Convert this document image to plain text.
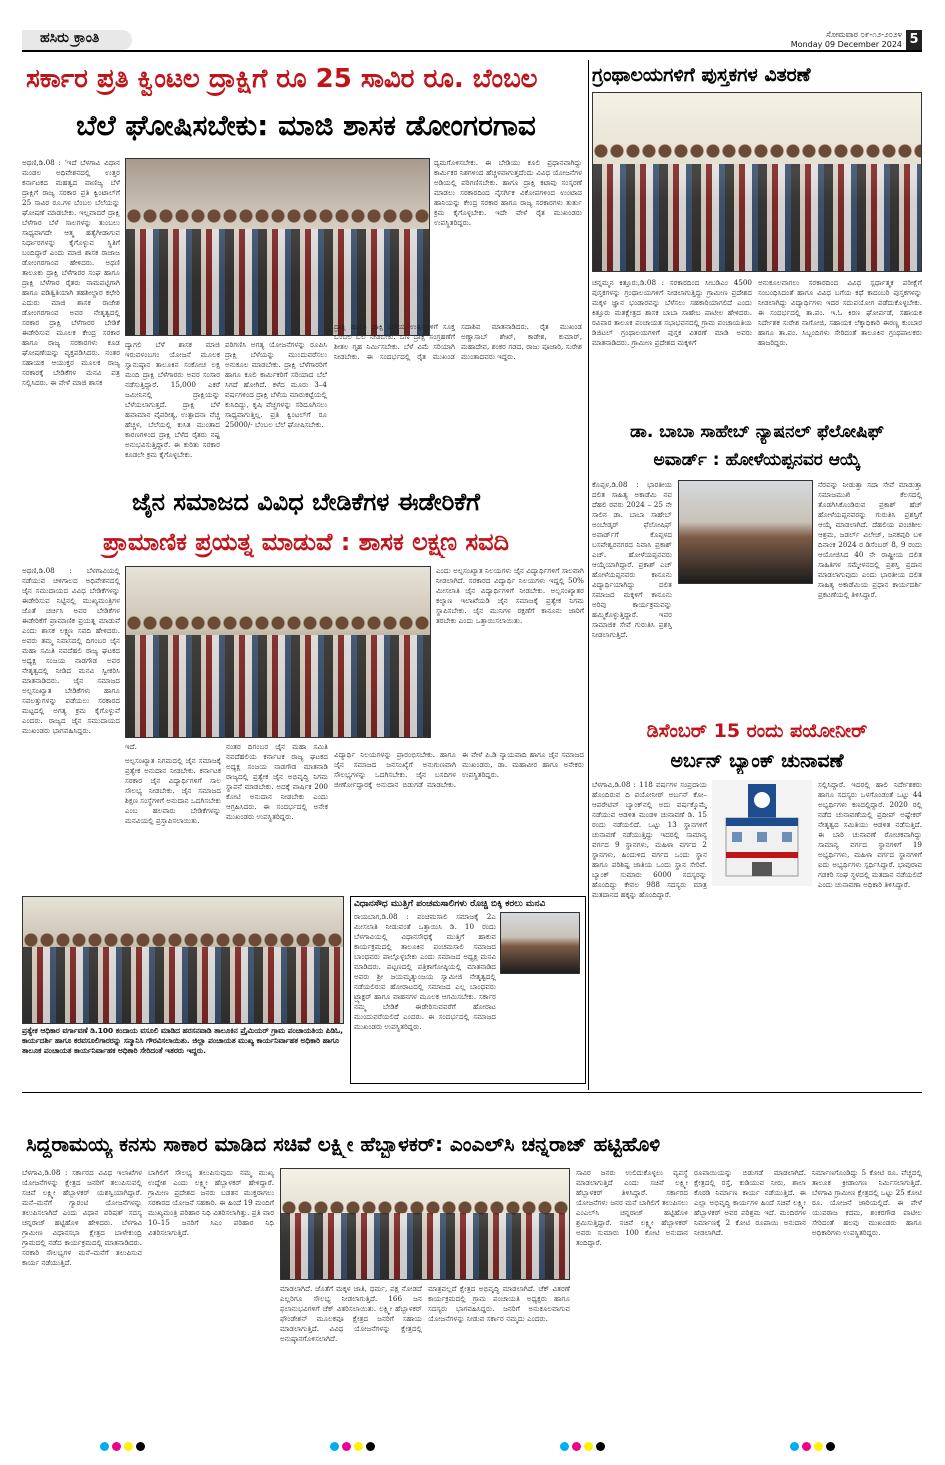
ಹಸಿರು ಕ್ರಾಂತಿ	ಸೋಮವಾರ ೦೯-೧೨-೨೦೨೪
Monday 09 December 2024 5
ಸರ್ಕಾರ ಪ್ರತಿ ಕ್ವಿಂಟಲ ದ್ರಾಕ್ಷಿಗೆ ರೂ 25 ಸಾವಿರ ರೂ. ಬೆಂಬಲ
ಬೆಲೆ ಘೋಷಿಸಬೇಕು: ಮಾಜಿ ಶಾಸಕ ಡೋಂಗರಗಾವ
ಅಥಣಿ,ಡಿ.08 : ‘ಇದೆ ಬೆಳಗಾವಿ ವಿಧಾನ ಮಂಡಲ ಅಧಿವೇಶನದಲ್ಲಿ ಉತ್ತರ ಕರ್ನಾಟಕದ ಮಹತ್ವದ ವಾಣಿಜ್ಯ ಬೆಳೆ ದ್ರಾಕ್ಷಿಗೆ ರಾಜ್ಯ ಸರಕಾರ ಪ್ರತಿ ಕ್ವಿಂಟಾಲ್‌ಗೆ 25 ಸಾವಿರ ರೂ.ಗಳ ಬೆಂಬಲ ಬೆಲೆಯನ್ನು ಘೋಷಣೆ ಮಾಡಬೇಕು. ಇಲ್ಲವಾದರೆ ದ್ರಾಕ್ಷಿ ಬೆಳೆಗಾರ ಬೆಳೆ ಸಾಲಗಳನ್ನು ತುಂಬಲು ಸಾಧ್ಯವಾಗದೇ ಆತ್ಮ ಹತ್ಯೆಗೀಡಾಗುವ ನಿರ್ಧಾರಗಳನ್ನು ಕೈಗೊಳ್ಳುವ ಸ್ಥಿತಿಗೆ ಬಂದಿದ್ದಾರೆ ಎಂದು ಮಾಜಿ ಶಾಸಕ ರಾಜಾಜ ಡೋಂಗರಗಾಂವ ಹೇಳಿದರು. ಅಥಣಿ ತಾಲೂಕು ದ್ರಾಕ್ಷಿ ಬೆಳೆಗಾರರ ಸಂಘ ಹಾಗೂ ದ್ರಾಕ್ಷಿ ಬೆಳೆಗಾರ ರೈತರು ನಾಮಪಟ್ಟಿಗಾಗಿ ಹಾಗೂ ಪಡಿತ್ವಿತಿಯಾಗಿ ತಹಶೀಲ್ದಾರ ಕಛೇರಿ ಎದುರು ಮಾಜಿ ಶಾಸಕ ರಾಜೇಶ ಡೋಂಗರಗಾಂವ ಅವರ ನೇತೃತ್ವದಲ್ಲಿ ಸರಕಾರ ದ್ರಾಕ್ಷಿ ಬೆಳೆಗಾರರ ಬೇಡಿಕೆ ಈಡೇರಿಸುವ ಮೂಲಕ ಕೇಂದ್ರ ಸರಕಾರ ಹಾಗೂ ರಾಜ್ಯ ಸರಕಾರಗಳು ಕೂಡ ಘೋಷಣೆಯನ್ನು ವ್ಯಕ್ತಪಡಿಸಿದರು. ನಂತರ ಸಹಾಯಕ ಆಯುಕ್ತರ ಮೂಲಕ ರಾಜ್ಯ ಸರಕಾರಕ್ಕೆ ಬೇಡಿಕೆಗಳ ಮನವಿ ಪತ್ರ ಸಲ್ಲಿಸಿದರು. ಈ ವೇಳೆ ಮಾಜಿ ಶಾಸಕ
ದ್ಯಾಗಲಿ ಬೆಳೆ ಶಾಸಕ ಮಾಜಿ ಇರುವಳಂಬಗಂ ಯೋಜನೆ ಮೂಲಕ ಸ್ವಾನುಷ್ಠಾನ ತಾಲೂಕಿನ ಸಂಕೋಚ ಲಕ್ಷ ಮಂದಿ ದ್ರಾಕ್ಷಿ ಬೆಳೆಗಾರರು ಅವರ ಸಂಸಾರ ನಡೆಸುತ್ತಿದ್ದಾರೆ. 15,000 ಎಕರೆ ಜಮೀನಿನಲ್ಲಿ ದ್ರಾಕ್ಷಿಯನ್ನು ಬೆಳೆಯಲಾಗುತ್ತದೆ. ದ್ರಾಕ್ಷಿ ಬೆಳೆ ಹವಾಮಾನ ವೈಪರೀತ್ಯ, ಉತ್ಪಾದನಾ ವೆಚ್ಚ ಹೆಚ್ಚಳ, ಬೆಲೆಯಲ್ಲಿ ಕುಸಿತ ಮುಂತಾದ ಕಾರಣಗಳಿಂದ ದ್ರಾಕ್ಷಿ ಬೆಳೆದ ರೈತರು ನಷ್ಟ ಅನುಭವಿಸುತ್ತಿದ್ದಾರೆ. ಈ ಕುರಿತು ಸರಕಾರ ಕೂಡಲೇ ಕ್ರಮ ಕೈಗೊಳ್ಳಬೇಕು.
ಪರಿಗಣಿಸಿ ಅಗತ್ಯ ಯೋಜನೆಗಳನ್ನು ರೂಪಿಸಿ ದ್ರಾಕ್ಷಿ ಬೆಳೆಯನ್ನು ಮುಂದುವರೆಸಲು ಅನುಕೂಲ ಮಾಡಬೇಕು. ದ್ರಾಕ್ಷಿ ಬೆಳೆಗಾರರಿಗೆ ಹಾಗೂ ಕೂಲಿ ಕಾರ್ಮಿಕರಿಗೆ ಸರಿಯಾದ ಬೆಲೆ ಸಿಗದೆ ಹೋಗಿದೆ. ಕಳೆದ ಮೂರು 3–4 ವರ್ಷಗಳಿಂದ ದ್ರಾಕ್ಷಿ ಬೆಳೆಯ ಮಾರುಕಟ್ಟೆಯಲ್ಲಿ ಕುಸಿದಿದ್ದು, ಕೃಷಿ ವೆಚ್ಚಗಳನ್ನು ಸರಿದೂಗಿಸಲು ಸಾಧ್ಯವಾಗುತ್ತಿಲ್ಲ. ಪ್ರತಿ ಕ್ವಿಂಟಲ್‌ಗೆ ರೂ 25000/- ಬೆಂಬಲ ಬೆಲೆ ಘೋಷಿಸಬೇಕು.
ದ್ಯಮಗೊಳಿಸಬೇಕು. ಈ ಬೇಡಿಯು ಕೂಲಿ ಪ್ರಧಾನವಾಗಿದ್ದು ಕಾರ್ಮಿಕರ ನಿಶಗಳಿಂದ ಹೆಚ್ಚಳವಾಗುತ್ತದೆಂದು ವಿವಿಧ ಯೋಜನೆಗಳ ಅಡಿಯಲ್ಲಿ ಪರಿಗಣಿಸಬೇಕು. ಹಾಗೂ ದ್ರಾಕ್ಷಿ ಕಟಾವು ಸಂಸ್ಕರಣೆ ಮಾಡಲು ಸರಕಾರದಿಂದ ನೈಸರ್ಗಿಕ ವಿಕೋಪಗಳಿಂದ ಉಂಟಾದ ಹಾನಿಯನ್ನು ಕೇಂದ್ರ ಸರಕಾರ ಹಾಗೂ ರಾಜ್ಯ ಸರಕಾರಗಳು ತುರ್ತು ಕ್ರಮ ಕೈಗೊಳ್ಳಬೇಕು. ಇದೇ ವೇಳೆ ರೈತ ಮುಖಂಡರು ಉಪಸ್ಥಿತರಿದ್ದರು.
ದ್ರಾಕ್ಷಿ ಹಾಗೂ ದ್ರಾಕ್ಷಿ ಬೆಳೆಯ ಉತ್ಪನ್ನಗಳಿಗೆ ಸೂಕ್ತ ಬೆಂಬಲ ಬೆಲೆ ನೀಡಬೇಕು. ಒಣ ದ್ರಾಕ್ಷಿ ಸಂಗ್ರಹಣೆಗೆ ಶೀತಲ ಗೃಹ ನಿರ್ಮಿಸಬೇಕು. ಬೆಳೆ ವಿಮೆ ಸರಿಯಾಗಿ ನೀಡಬೇಕು. ಈ ಸಂದರ್ಭದಲ್ಲಿ ರೈತ ಮುಖಂಡ ಸದಾಶಿವ ಮಾತನಾಡಿದರು. ರೈತ ಮುಖಂಡ ಅಣ್ಣಾಸಾಬ್ ಶೇಖ್, ಕಾಡೇಶ, ಕುಮಾರ್, ಮಹಾದೇವ, ಶಂಕರ ಗಡದ, ರಾಜು ಪೂಜಾರಿ, ಸುರೇಶ ಮುಂತಾದವರು ಇದ್ದರು.
ಗ್ರಂಥಾಲಯಗಳಿಗೆ ಪುಸ್ತಕಗಳ ವಿತರಣೆ
ಚನ್ನಮ್ಮನ ಕಿತ್ತೂರು,ಡಿ.08 : ಸರಕಾರದಿಂದ ಸೀಬಡಿಎಂ 4500 ಪುಸ್ತಕಗಳನ್ನು ಗ್ರಂಥಾಲಯಗಳಿಗೆ ನೀಡಲಾಗುತ್ತಿದ್ದು ಗ್ರಾಮೀಣ ಪ್ರದೇಶದ ಮಕ್ಕಳ ಜ್ಞಾನ ಭಂಡಾರವನ್ನು ಬೆಳೆಸಲು ಸಹಕಾರಿಯಾಗಲಿದೆ ಎಂದು ಕಿತ್ತೂರು ಮತಕ್ಷೇತ್ರದ ಶಾಸಕ ಬಾಬಾ ಸಾಹೇಬ ಪಾಟೀಲ ಹೇಳಿದರು. ರವಿವಾರ ತಾಲೂಕ ಪಂಚಾಯತ ಸಭಾಭವನದಲ್ಲಿ ಗ್ರಾಮ ಪಂಚಾಯತಿಯ ಡಿಜಿಟಲ್ ಗ್ರಂಥಾಲಯಗಳಿಗೆ ಪುಸ್ತಕ ವಿತರಣೆ ಮಾಡಿ ಅವರು ಮಾತನಾಡಿದರು. ಗ್ರಾಮೀಣ ಪ್ರದೇಶದ ಮಕ್ಕಳಿಗೆ
ಅನುಕೂಲವಾಗಲು ಸರಕಾರದಿಂದ ವಿವಿಧ ಸ್ಪರ್ಧಾತ್ಮಕ ಪರೀಕ್ಷೆಗೆ ಸಂಬಂಧಿಸಿದಂತೆ ಹಾಗೂ ವಿವಿಧ ಬಗೆಯ ಕಥೆ ಕಾದಂಬರಿ ಪುಸ್ತಕಗಳನ್ನು ನೀಡಲಾಗಿದ್ದು ವಿದ್ಯಾರ್ಥಿಗಳು ಇದರ ಸದುಪಯೋಗ ಪಡೆದುಕೊಳ್ಳಬೇಕು. ಈ ಸಂದರ್ಭದಲ್ಲಿ ತಾ.ಪಂ. ಇ.ಓ ಕಿರಣ ಘೋರ್ಪಡೆ, ಸಹಾಯಕ ನಿರ್ದೇಶಕ ಸುರೇಶ ನಾಗೋಜಿ, ಸಹಾಯಕ ಲೆಕ್ಕಾಧಿಕಾರಿ ಈರಣ್ಣ ಕುಂಬಾರ ಹಾಗೂ ತಾ.ಪಂ. ಸಿಬ್ಬಂದಿಗಳು ಸೇರಿದಂತೆ ತಾಲೂಕಿನ ಗ್ರಂಥಪಾಲಕರು ಹಾಜರಿದ್ದರು.
ಡಾ. ಬಾಬಾ ಸಾಹೇಬ್ ನ್ಯಾಷನಲ್ ಫೆಲೋಷಿಫ್
ಅವಾರ್ಡ್ : ಹೋಳೆಯಪ್ಪನವರ ಆಯ್ಕೆ
ಕೊಪ್ಪಳ,ಡಿ.08 : ಭಾರತೀಯ ದಲಿತ ಸಾಹಿತ್ಯ ಅಕಾಡೆಮಿ ನವ ದೆಹಲಿ ರವರು 2024 – 25 ನೇ ಸಾಲಿನ ಡಾ. ಬಾಬಾ ಸಾಹೇಬ್ ಅಂಬೇಡ್ಕರ್ ಫೆಲೋಷಿಫ್ ಅವಾರ್ಡ್‌ಗೆ ಕೊಪ್ಪಳದ ಬಸವೇಶ್ವರನಗರದ ನಿವಾಸಿ ಪ್ರಕಾಶ್ ಎಚ್. ಹೋಳೆಯಪ್ಪನವರು ಆಯ್ಕೆಯಾಗಿದ್ದಾರೆ. ಪ್ರಕಾಶ್ ಎಚ್ ಹೋಳೆಯಪ್ಪನವರು ಕಾನೂನು ವಿದ್ಯಾರ್ಥಿಯಾಗಿದ್ದು ದಲಿತ ಸಮಾಜದ ಮಕ್ಕಳಿಗೆ ಕಾನೂನು ಅರಿವು ಕಾರ್ಯಕ್ರಮವನ್ನು ಹಮ್ಮಿಕೊಳ್ಳುತ್ತಿದ್ದಾರೆ. ಇವರ ಸಾಮಾಜಿಕ ಸೇವೆ ಗುರುತಿಸಿ ಪ್ರಶಸ್ತಿ ನೀಡಲಾಗುತ್ತಿದೆ.
ನೆರವನ್ನು ನೀಡುತ್ತಾ ಸದಾ ಸೇವೆ ಮಾಡುತ್ತಾ ಸಮಾಜಮುಖಿ ಕೆಲಸದಲ್ಲಿ ತೊಡಗಿಸಿಕೊಂಡಿರುವ ಪ್ರಕಾಶ್ ಹೆಚ್ ಹೋಳೆಯಪ್ಪನವರನ್ನು ಗುರುತಿಸಿ ಪ್ರಶಸ್ತಿಗೆ ಆಯ್ಕೆ ಮಾಡಲಾಗಿದೆ. ದೆಹಲಿಯ ಪಂಚಶೀಲ ಆಶ್ರಮ, ಜಡರ್ಲ್ ವಿಲೇಜ್, ಜನಕಪುರಿ ಬಳಿ ದಿನಾಂಕ 2024 ರ ಡಿಸೆಂಬರ್ 8, 9 ರಂದು ಆಯೋಜಿಸಿದ 40 ನೇ ರಾಷ್ಟ್ರೀಯ ದಲಿತ ಸಾಹಿತಿಗಳ ಸಮ್ಮೇಳನದಲ್ಲಿ ಪ್ರಶಸ್ತಿ ಪ್ರದಾನ ಮಾಡಲಾಗುವುದು ಎಂದು ಭಾರತೀಯ ದಲಿತ ಸಾಹಿತ್ಯ ಅಕಾಡೆಮಿಯ ಪ್ರಧಾನ ಕಾರ್ಯದರ್ಶಿ ಪ್ರಕಟಣೆಯಲ್ಲಿ ತಿಳಿಸಿದ್ದಾರೆ.
ಜೈನ ಸಮಾಜದ ವಿವಿಧ ಬೇಡಿಕೆಗಳ ಈಡೇರಿಕೆಗೆ
ಪ್ರಾಮಾಣಿಕ ಪ್ರಯತ್ನ ಮಾಡುವೆ : ಶಾಸಕ ಲಕ್ಷ್ಮಣ ಸವದಿ
ಅಥಣಿ,ಡಿ.08 : ಬೆಳಗಾವಿಯಲ್ಲಿ ನಡೆಯುವ ಚಳಿಗಾಲದ ಅಧಿವೇಶನದಲ್ಲಿ ಜೈನ ಸಮುದಾಯದ ವಿವಿಧ ಬೇಡಿಕೆಗಳನ್ನು ಈಡೇರಿಸುವ ನಿಟ್ಟಿನಲ್ಲಿ ಮುಖ್ಯಮಂತ್ರಿಗಳ ಜೊತೆ ಚರ್ಚಿಸಿ ಅವರ ಬೇಡಿಕೆಗಳ ಈಡೇರಿಕೆಗೆ ಪ್ರಾಮಾಣಿಕ ಪ್ರಯತ್ನ ಮಾಡುವೆ ಎಂದು ಶಾಸಕ ಲಕ್ಷ್ಮಣ ಸವದಿ ಹೇಳಿದರು. ಅವರು ತಮ್ಮ ನಿವಾಸದಲ್ಲಿ ದಿಗಂಬರ ಜೈನ ಮಹಾ ಸಮಿತಿ ನವದೆಹಲಿ ರಾಜ್ಯ ಘಟಕದ ಅಧ್ಯಕ್ಷ ಸಂಜಯ ನಾಡಗೌಡ ಅವರ ನೇತೃತ್ವದಲ್ಲಿ ನೀಡಿದ ಮನವಿ ಸ್ವೀಕರಿಸಿ ಮಾತನಾಡಿದರು. ಜೈನ ಸಮಾಜದ ಅಲ್ಪಸಂಖ್ಯಾತ ಬೇಡಿಕೆಗಳು ಹಾಗೂ ಸವಲತ್ತುಗಳನ್ನು ಪಡೆಯಲು ಸರಕಾರದ ಮಟ್ಟದಲ್ಲಿ ಅಗತ್ಯ ಕ್ರಮ ಕೈಗೊಳ್ಳುವೆ ಎಂದರು. ರಾಜ್ಯದ ಜೈನ ಸಮುದಾಯದ ಮುಖಂಡರು ಭಾಗವಹಿಸಿದ್ದರು.
ಇದೆ.
ಅಲ್ಪಸಂಖ್ಯಾತ ನಿಗಮದಲ್ಲಿ ಜೈನ ಸಮಾಜಕ್ಕೆ ಪ್ರತ್ಯೇಕ ಅನುದಾನ ನೀಡಬೇಕು. ಕರ್ನಾಟಕ ಸರಕಾರ ಜೈನ ವಿದ್ಯಾರ್ಥಿಗಳಿಗೆ ಸಾಲ ಸೌಲಭ್ಯ ನೀಡಬೇಕು. ಜೈನ ಸಮಾಜದ ಶಿಕ್ಷಣ ಸಂಸ್ಥೆಗಳಿಗೆ ಅನುದಾನ ಒದಗಿಸಬೇಕು ಎಂಬ ಹಲವಾರು ಬೇಡಿಕೆಗಳನ್ನು ಮನವಿಯಲ್ಲಿ ಪ್ರಸ್ತಾಪಿಸಲಾಯಿತು.
ನಂತರ ದಿಗಂಬರ ಜೈನ ಮಹಾ ಸಮಿತಿ ನವದೆಹಲಿಯ ಕರ್ನಾಟಕ ರಾಜ್ಯ ಘಟಕದ ಅಧ್ಯಕ್ಷ ಸಂಜಯ ನಾಡಗೌಡ ಮಾತನಾಡಿ ರಾಜ್ಯದಲ್ಲಿ ಪ್ರತ್ಯೇಕ ಜೈನ ಅಭಿವೃದ್ಧಿ ನಿಗಮ ಸ್ಥಾಪನೆ ಮಾಡಬೇಕು. ಅದಕ್ಕೆ ವಾರ್ಷಿಕ 200 ಕೋಟಿ ಅನುದಾನ ನೀಡಬೇಕು ಎಂದು ಆಗ್ರಹಿಸಿದರು. ಈ ಸಂದರ್ಭದಲ್ಲಿ ಅನೇಕ ಮುಖಂಡರು ಉಪಸ್ಥಿತರಿದ್ದರು.
ಎಂದು ಅಲ್ಪಸಂಖ್ಯಾತ ನಿಲಯಗಳು ಜೈನ ವಿದ್ಯಾರ್ಥಿಗಳಿಗೆ ಸಾಲವಾಗಿ ನೀಡಲಾಗಿದೆ. ಸರಕಾರದ ವಿದ್ಯಾರ್ಥಿ ನಿಲಯಗಳು ಇದ್ದಲ್ಲಿ 50% ಮೀಸಲಾತಿ ಜೈನ ವಿದ್ಯಾರ್ಥಿಗಳಿಗೆ ನೀಡಬೇಕು. ಅಲ್ಪಸಂಖ್ಯಾತರ ಕಲ್ಯಾಣ ಇಲಾಖೆಯಡಿ ಜೈನ ಸಮಾಜಕ್ಕೆ ಪ್ರತ್ಯೇಕ ನಿಗಮ ಸ್ಥಾಪಿಸಬೇಕು. ಜೈನ ಮುನಿಗಳ ರಕ್ಷಣೆಗೆ ಕಾನೂನು ಜಾರಿಗೆ ತರಬೇಕು ಎಂದು ಒತ್ತಾಯಿಸಲಾಯಿತು.
ವಿದ್ಯಾರ್ಥಿ ನಿಲಯಗಳನ್ನು ಪ್ರಾರಂಭಿಸಬೇಕು. ಹಾಗೂ ಜೈನ ಸಮಾಜದ ಜನಸಂಖ್ಯೆಗೆ ಅನುಗುಣವಾಗಿ ಸೌಲಭ್ಯಗಳನ್ನು ಒದಗಿಸಬೇಕು. ಜೈನ ಬಸದಿಗಳ ಜೀರ್ಣೋದ್ಧಾರಕ್ಕೆ ಅನುದಾನ ಬಿಡುಗಡೆ ಮಾಡಬೇಕು. ಈ ವೇಳೆ ಪಿ.ಡಿ ನ್ಯಾಯವಾದಿ ಹಾಗೂ ಜೈನ ಸಮಾಜದ ಮುಖಂಡರು, ಡಾ. ಮಹಾವೀರ ಹಾಗೂ ಅನೇಕರು ಉಪಸ್ಥಿತರಿದ್ದರು.
ಡಿಸೆಂಬರ್ 15 ರಂದು ಪಯೋನೀರ್
ಅರ್ಬನ್ ಬ್ಯಾಂಕ್ ಚುನಾವಣೆ
ಬೆಳಗಾವಿ,ಡಿ.08 : 118 ವರ್ಷಗಳ ಸಂಪ್ರದಾಯ ಹೊಂದಿರುವ ದಿ ಪಯೋನೀರ್ ಅರ್ಬನ್ ಕೋ–ಆಪರೇಟಿವ್ ಬ್ಯಾಂಕ್‌ನಲ್ಲಿ ಅದು ವರ್ಷಕ್ಕೊಮ್ಮೆ ನಡೆಯುವ ಆಡಳಿತ ಮಂಡಳಿ ಚುನಾವಣೆ ಡಿ. 15 ರಂದು ನಡೆಯಲಿದೆ. ಒಟ್ಟು 13 ಸ್ಥಾನಗಳಿಗೆ ಚುನಾವಣೆ ನಡೆಯುತ್ತಿದ್ದು ಇದರಲ್ಲಿ ಸಾಮಾನ್ಯ ವರ್ಗದ 9 ಸ್ಥಾನಗಳು, ಮಹಿಳಾ ವರ್ಗದ 2 ಸ್ಥಾನಗಳು, ಹಿಂದುಳಿದ ವರ್ಗದ ಒಂದು ಸ್ಥಾನ ಹಾಗೂ ಪರಿಶಿಷ್ಟ ಜಾತಿಯ ಒಂದು ಸ್ಥಾನ ಸೇರಿವೆ. ಬ್ಯಾಂಕ್ ಸುಮಾರು 6000 ಸದಸ್ಯರನ್ನು ಹೊಂದಿದ್ದು ಕೇವಲ 988 ಸದಸ್ಯರು ಮಾತ್ರ ಮತದಾನದ ಹಕ್ಕನ್ನು ಹೊಂದಿದ್ದಾರೆ.
ಸಲ್ಲಿಸಿದ್ದಾರೆ. ಇದರಲ್ಲಿ ಹಾಲಿ ನಿರ್ದೇಶಕರು ಹಾಗೂ ಸದಸ್ಯರು ಒಳಗೊಂಡಂತೆ ಒಟ್ಟು 44 ಅಭ್ಯರ್ಥಿಗಳು ಕಣದಲ್ಲಿದ್ದಾರೆ. 2020 ರಲ್ಲಿ ನಡೆದ ಚುನಾವಣೆಯಲ್ಲಿ ಪ್ರದೀಪ್ ಅಷ್ಟೇಕರ್ ನೇತೃತ್ವದ ಸಮಿತಿಯು ಆಡಳಿತ ನಡೆಸುತ್ತಿದೆ. ಈ ಬಾರಿ ಚುನಾವಣೆ ರೋಚಕವಾಗಿದ್ದು ಸಾಮಾನ್ಯ ವರ್ಗದ ಸ್ಥಾನಗಳಿಗೆ 19 ಅಭ್ಯರ್ಥಿಗಳು, ಮಹಿಳಾ ವರ್ಗದ ಸ್ಥಾನಗಳಿಗೆ ಐದು ಅಭ್ಯರ್ಥಿಗಳು ಸ್ಪರ್ಧಿಸಿದ್ದಾರೆ. ಭಾವುರಾವ ಗಡಕರಿ ಸಂಘ ಸ್ಥಳದಲ್ಲಿ ಮತದಾನ ನಡೆಯಲಿದೆ ಎಂದು ಚುನಾವಣಾ ಅಧಿಕಾರಿ ತಿಳಿಸಿದ್ದಾರೆ.
ಪ್ರತ್ಯೇಕ ಆಧಿಕಾರ ವರ್ಗಾವಣೆ ಡಿ.100 ಕಂದಾಯ ವಸೂಲಿ ಮಾಡಿದ ಹರಸನವಾಡಿ ತಾಲೂಕಿನ ಪ್ರೈಮಿಯರ್ ಗ್ರಾಮ ಪಂಚಾಯತಿಯ ಪಿಡಿಓ, ಕಾರ್ಯದರ್ಶಿ ಹಾಗೂ ಕರವಸೂಲಿಗಾರರನ್ನು ಸನ್ಮಾನಿಸಿ ಗೌರವಿಸಲಾಯಿತು. ಜಿಲ್ಲಾ ಪಂಚಾಯತ ಮುಖ್ಯ ಕಾರ್ಯನಿರ್ವಾಹಕ ಅಧಿಕಾರಿ ಹಾಗೂ ತಾಲೂಕ ಪಂಚಾಯತ ಕಾರ್ಯನಿರ್ವಾಹಕ ಅಧಿಕಾರಿ ಸೇರಿದಂತೆ ಇತರರು ಇದ್ದರು.
ವಿಧಾನಸೌಧ ಮುತ್ತಿಗೆ ಪಂಚಮಸಾಲಿಗಳು ರೊಚ್ಚಿ ಬಿಕ್ಕಿ ಕರಲು ಮನವಿ
ರಾಯಬಾಗ,ಡಿ.08 : ಪಂಚಮಸಾಲಿ ಸಮಾಜಕ್ಕೆ 2ಎ ಮೀಸಲಾತಿ ನೀಡುವಂತೆ ಒತ್ತಾಯಿಸಿ ಡಿ. 10 ರಂದು ಬೆಳಗಾವಿಯಲ್ಲಿ ವಿಧಾನಸೌಧಕ್ಕೆ ಮುತ್ತಿಗೆ ಹಾಕುವ ಕಾರ್ಯಕ್ರಮದಲ್ಲಿ ತಾಲೂಕಿನ ಪಂಚಮಸಾಲಿ ಸಮಾಜದ ಬಾಂಧವರು ಪಾಲ್ಗೊಳ್ಳಬೇಕು ಎಂದು ಸಮಾಜದ ಅಧ್ಯಕ್ಷ ಮನವಿ ಮಾಡಿದರು. ಪಟ್ಟಣದಲ್ಲಿ ಪತ್ರಿಕಾಗೋಷ್ಠಿಯಲ್ಲಿ ಮಾತನಾಡಿದ ಅವರು ಶ್ರೀ ಜಯಮೃತ್ಯುಂಜಯ ಸ್ವಾಮೀಜಿ ನೇತೃತ್ವದಲ್ಲಿ ನಡೆಯಲಿರುವ ಹೋರಾಟದಲ್ಲಿ ಸಮಾಜದ ಎಲ್ಲ ಬಾಂಧವರು ಟ್ರ್ಯಾಕ್ಟರ್ ಹಾಗೂ ವಾಹನಗಳ ಮೂಲಕ ಆಗಮಿಸಬೇಕು. ಸರ್ಕಾರ ನಮ್ಮ ಬೇಡಿಕೆ ಈಡೇರಿಸುವವರೆಗೆ ಹೋರಾಟ ಮುಂದುವರೆಯಲಿದೆ ಎಂದರು. ಈ ಸಂದರ್ಭದಲ್ಲಿ ಸಮಾಜದ ಮುಖಂಡರು ಉಪಸ್ಥಿತರಿದ್ದರು.
ಸಿದ್ದರಾಮಯ್ಯ ಕನಸು ಸಾಕಾರ ಮಾಡಿದ ಸಚಿವೆ ಲಕ್ಷ್ಮೀ ಹೆಬ್ಬಾಳಕರ್: ಎಂಎಲ್‌ಸಿ ಚನ್ನರಾಜ್ ಹಟ್ಟಿಹೊಳಿ
ಬೆಳಗಾವಿ,ಡಿ.08 : ಸರ್ಕಾರದ ವಿವಿಧ ಇಲಾಖೆಗಳ ಯೋಜನೆಗಳನ್ನು ಕ್ಷೇತ್ರದ ಜನರಿಗೆ ತಲುಪಿಸುವಲ್ಲಿ ಸಚಿವೆ ಲಕ್ಷ್ಮೀ ಹೆಬ್ಬಾಳಕರ್ ಯಶಸ್ವಿಯಾಗಿದ್ದಾರೆ. ಮನೆ–ಮನೆಗೆ ಗ್ಯಾರಂಟಿ ಯೋಜನೆಗಳನ್ನು ತಲುಪಿಸಲಾಗಿದೆ ಎಂದು ವಿಧಾನ ಪರಿಷತ್ ಸದಸ್ಯ ಚನ್ನರಾಜ್ ಹಟ್ಟಿಹೊಳಿ ಹೇಳಿದರು. ಬೆಳಗಾವಿ ಗ್ರಾಮೀಣ ವಿಧಾನಸಭಾ ಕ್ಷೇತ್ರದ ಬಾಳೇಕುಂದ್ರಿ ಗ್ರಾಮದಲ್ಲಿ ನಡೆದ ಕಾರ್ಯಕ್ರಮದಲ್ಲಿ ಮಾತನಾಡಿದರು. ಸರಕಾರಿ ಸೌಲಭ್ಯಗಳ ಮನೆ–ಮನೆಗೆ ತಲುಪಿಸುವ ಕಾರ್ಯ ನಡೆಯುತ್ತಿದೆ.
ಬಾಗಿಲಿಗೆ ಸೌಲಭ್ಯ ತಲುಪಿಸುವುದು ನಮ್ಮ ಮುಖ್ಯ ಉದ್ದೇಶ ಎಂದು ಲಕ್ಷ್ಮೀ ಹೆಬ್ಬಾಳಕರ್ ಹೇಳಿದ್ದಾರೆ. ಗ್ರಾಮೀಣ ಪ್ರದೇಶದ ಜನರು ಬಡತನ ಮುಕ್ತರಾಗಲು ಸರಕಾರದ ಯೋಜನೆ ಸಹಕಾರಿ. ಈ ಹಿಂದೆ 19 ಮಂದಿಗೆ ಮುಖ್ಯಮಂತ್ರಿ ಪರಿಹಾರ ನಿಧಿ ವಿತರಿಸಲಾಗಿತ್ತು. ಪ್ರತಿ ವಾರ 10–15 ಜನರಿಗೆ ಸಿಎಂ ಪರಿಹಾರ ನಿಧಿ ವಿತರಿಸಲಾಗುತ್ತಿದೆ.
ಮಾಡಲಾಗಿದೆ. ಜೊತೆಗೆ ಮಕ್ಕಳ ಜಾತಿ, ಧರ್ಮ, ಪಕ್ಷ ನೋಡದೆ ಎಲ್ಲರಿಗೂ ಸೌಲಭ್ಯ ನೀಡಲಾಗುತ್ತಿದೆ. 166 ಜನ ಫಲಾನುಭವಿಗಳಿಗೆ ಚೆಕ್ ವಿತರಿಸಲಾಯಿತು. ಲಕ್ಷ್ಮೀ ಹೆಬ್ಬಾಳಕರ್ ಫೌಂಡೇಶನ್ ಮೂಲಕವೂ ಕ್ಷೇತ್ರದ ಜನರಿಗೆ ಸಹಾಯ ಮಾಡಲಾಗುತ್ತಿದೆ. ವಿವಿಧ ಯೋಜನೆಗಳನ್ನು ಕ್ಷೇತ್ರದಲ್ಲಿ ಅನುಷ್ಠಾನಗೊಳಿಸಲಾಗಿದೆ.
ಮಾತ್ರವಲ್ಲದೆ ಕ್ಷೇತ್ರದ ಅಭಿವೃದ್ಧಿ ಮಾಡಲಾಗಿದೆ. ಚೆಕ್ ವಿತರಣೆ ಕಾರ್ಯಕ್ರಮದಲ್ಲಿ ಗ್ರಾಮ ಪಂಚಾಯತಿ ಅಧ್ಯಕ್ಷರು ಹಾಗೂ ಸದಸ್ಯರು ಭಾಗವಹಿಸಿದ್ದರು. ಜನರಿಗೆ ಅನುಕೂಲವಾಗುವ ಯೋಜನೆಗಳನ್ನು ನೀಡುವ ಸರ್ಕಾರ ನಮ್ಮದು ಎಂದರು.
ಸಾವಿರ ಜನರು ಉಲಿದುಕೊಳ್ಳಲು ವ್ಯವಸ್ಥೆ ಮಾಡಲಾಗುತ್ತಿದೆ ಎಂದು ಸಚಿವೆ ಲಕ್ಷ್ಮೀ ಹೆಬ್ಬಾಳಕರ್ ತಿಳಿಸಿದ್ದಾರೆ. ಸರ್ಕಾರದ ಯೋಜನೆಗಳು ಜನರ ಮನೆ ಬಾಗಿಲಿಗೆ ತಲುಪಿಸಲು ಎಂಎಲ್‌ಸಿ ಚನ್ನರಾಜ್ ಹಟ್ಟಿಹೊಳಿ ಶ್ರಮಿಸುತ್ತಿದ್ದಾರೆ. ಸಚಿವೆ ಲಕ್ಷ್ಮೀ ಹೆಬ್ಬಾಳಕರ್ ಅವರು ಸುಮಾರು 100 ಕೋಟಿ ಅನುದಾನ ತಂದಿದ್ದಾರೆ.
ರೂಪಾಯಿಯನ್ನು ಬಿಡುಗಡೆ ಮಾಡಲಾಗಿದೆ. ಕ್ಷೇತ್ರದಲ್ಲಿ ರಸ್ತೆ, ಕುಡಿಯುವ ನೀರು, ಶಾಲಾ ಕೊಠಡಿ ನಿರ್ಮಾಣ ಕಾರ್ಯ ನಡೆಯುತ್ತಿದೆ. ಈ ಎಲ್ಲಾ ಅಭಿವೃದ್ಧಿ ಕಾರ್ಯಗಳ ಹಿಂದೆ ಸಚಿವೆ ಲಕ್ಷ್ಮೀ ಹೆಬ್ಬಾಳಕರ್ ಅವರ ಪರಿಶ್ರಮ ಇದೆ. ಮಂದಿರಗಳ ನಿರ್ಮಾಣಕ್ಕೆ 2 ಕೋಟಿ ರೂಪಾಯಿ ಅನುದಾನ ನೀಡಲಾಗಿದೆ.
ನಿರ್ಮಾಣಗೊಂಡಿದ್ದು 5 ಕೋಟಿ ರೂ. ವೆಚ್ಚದಲ್ಲಿ ತಾಲೂಕ ಕ್ರೀಡಾಂಗಣ ನಿರ್ಮಿಸಲಾಗುತ್ತಿದೆ. ಬೆಳಗಾವಿ ಗ್ರಾಮೀಣ ಕ್ಷೇತ್ರದಲ್ಲಿ ಒಟ್ಟು 25 ಕೋಟಿ ರೂ. ಯೋಜನೆ ಜಾರಿಯಲ್ಲಿದೆ. ಈ ವೇಳೆ ಯುವರಾಜ ಕದಮ, ಶಂಕರಗೌಡ ಪಾಟೀಲ ಸೇರಿದಂತೆ ಹಲವು ಮುಖಂಡರು ಹಾಗೂ ಅಧಿಕಾರಿಗಳು ಉಪಸ್ಥಿತರಿದ್ದರು.
